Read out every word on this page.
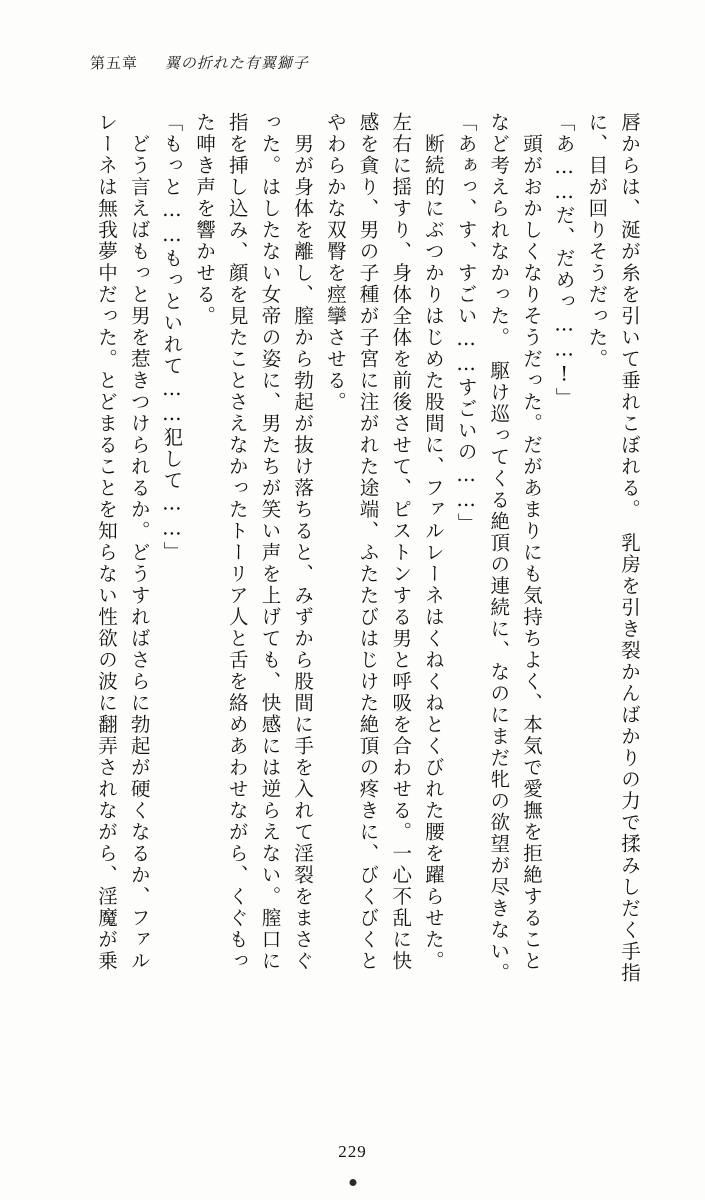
第五章 翼の折れた有翼獅子
レーネは無我夢中だった。とどまることを知らない性欲の波に翻弄されながら、淫魔が乗 　どう言えばもっと男を惹きつけられるか。どうすればさらに勃起が硬くなるか、ファル 「もっと……もっといれて……犯して……」 た呻き声を響かせる。 指を挿し込み、顔を見たことさえなかったトーリア人と舌を絡めあわせながら、くぐもっ った。はしたない女帝の姿に、男たちが笑い声を上げても、快感には逆らえない。膣口に 　男が身体を離し、膣から勃起が抜け落ちると、みずから股間に手を入れて淫裂をまさぐ やわらかな双臀を痙攣させる。 感を貪り、男の子種が子宮に注がれた途端、ふたたびはじけた絶頂の疼きに、びくびくと 左右に揺すり、身体全体を前後させて、ピストンする男と呼吸を合わせる。一心不乱に快 　断続的にぶつかりはじめた股間に、ファルレーネはくねくねとくびれた腰を躍らせた。 「あぁっ、す、すごい……すごいの……」 など考えられなかった。　駆け巡ってくる絶頂の連続に、なのにまだ牝の欲望が尽きない。 　頭がおかしくなりそうだった。だがあまりにも気持ちよく、本気で愛撫を拒絶すること 「あ……だ、だめっ……!」 に、目が回りそうだった。 唇からは、涎が糸を引いて垂れこぼれる。　乳房を引き裂かんばかりの力で揉みしだく手指
229
